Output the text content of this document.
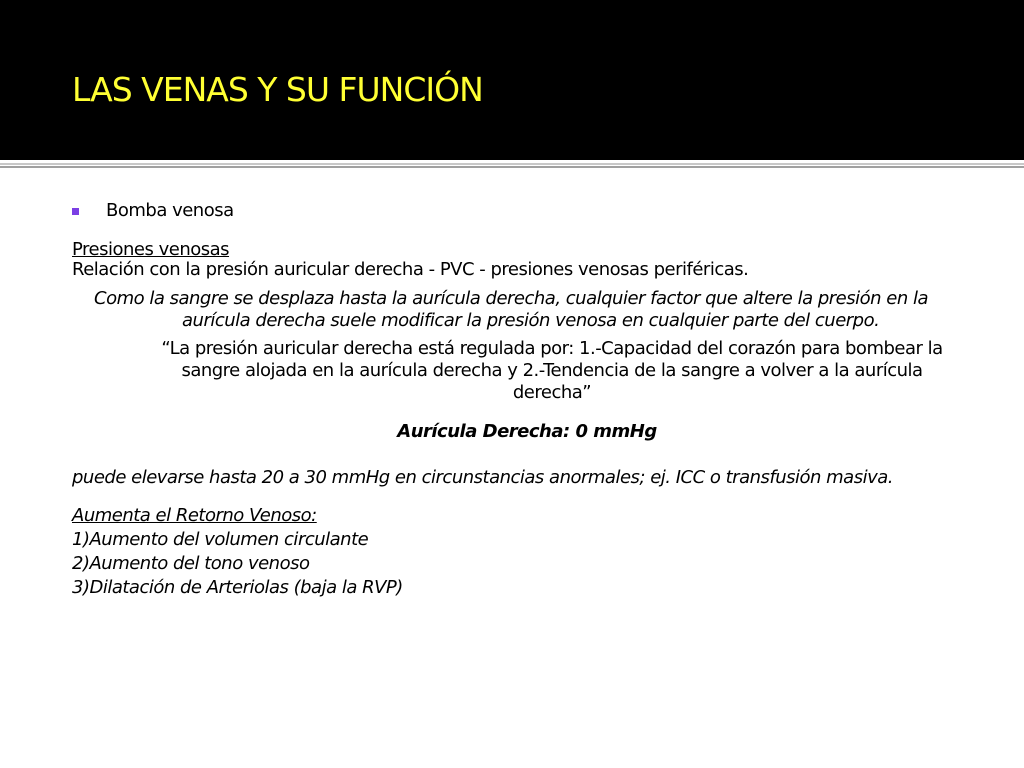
LAS VENAS Y SU FUNCIÓN
Bomba venosa
Presiones venosas
Relación con la presión auricular derecha - PVC - presiones venosas periféricas.
Como la sangre se desplaza hasta la aurícula derecha, cualquier factor que altere la presión en la aurícula derecha suele modificar la presión venosa en cualquier parte del cuerpo.
“La presión auricular derecha está regulada por: 1.-Capacidad del corazón para bombear la sangre alojada en la aurícula derecha y 2.-Tendencia de la sangre a volver a la aurícula derecha”
Aurícula Derecha: 0 mmHg
puede elevarse hasta 20 a 30 mmHg en circunstancias anormales; ej. ICC o transfusión masiva.
Aumenta el Retorno Venoso:
1)Aumento del volumen circulante
2)Aumento del tono venoso
3)Dilatación de Arteriolas (baja la RVP)
